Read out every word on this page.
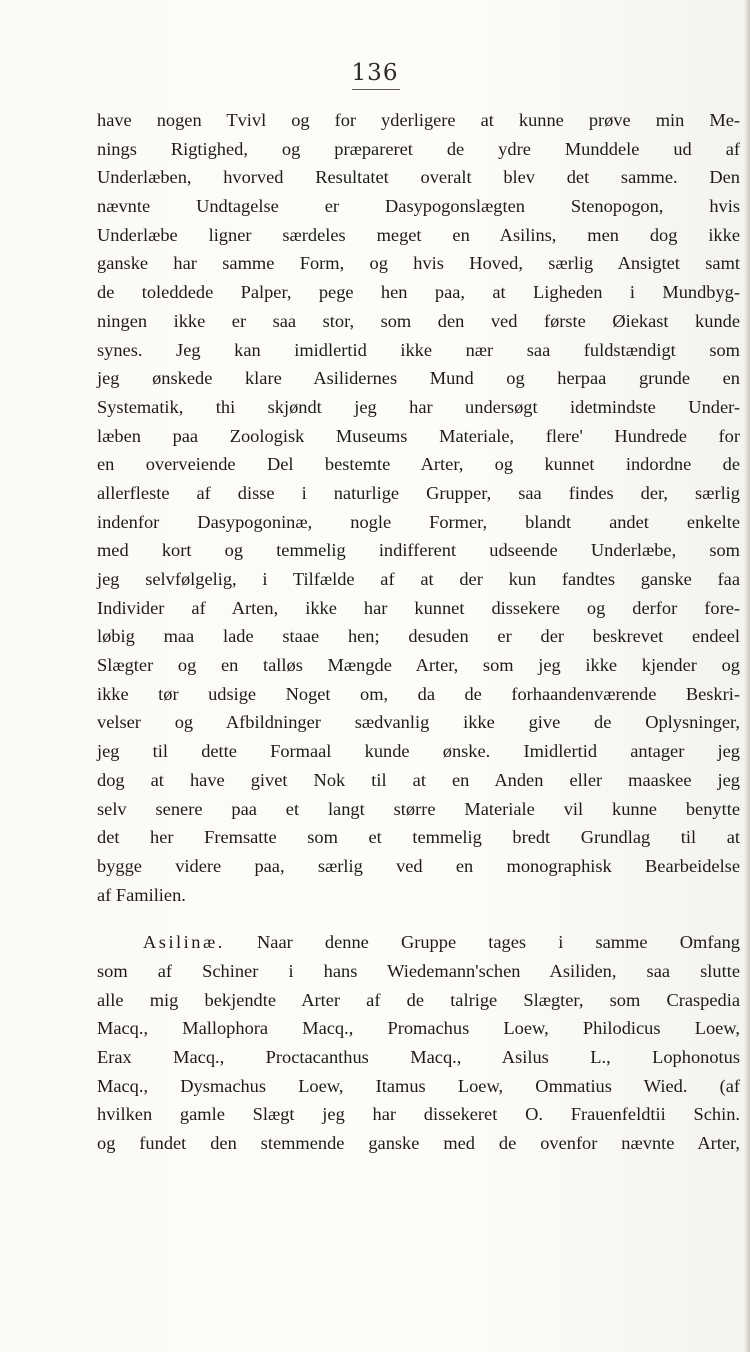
136
have nogen Tvivl og for yderligere at kunne prøve min Me-
nings Rigtighed, og præpareret de ydre Munddele ud af
Underlæben, hvorved Resultatet overalt blev det samme. Den
nævnte Undtagelse er Dasypogonslægten Stenopogon, hvis
Underlæbe ligner særdeles meget en Asilins, men dog ikke
ganske har samme Form, og hvis Hoved, særlig Ansigtet samt
de toleddede Palper, pege hen paa, at Ligheden i Mundbyg-
ningen ikke er saa stor, som den ved første Øiekast kunde
synes. Jeg kan imidlertid ikke nær saa fuldstændigt som
jeg ønskede klare Asilidernes Mund og herpaa grunde en
Systematik, thi skjøndt jeg har undersøgt idetmindste Under-
læben paa Zoologisk Museums Materiale, flere' Hundrede for
en overveiende Del bestemte Arter, og kunnet indordne de
allerfleste af disse i naturlige Grupper, saa findes der, særlig
indenfor Dasypogoninæ, nogle Former, blandt andet enkelte
med kort og temmelig indifferent udseende Underlæbe, som
jeg selvfølgelig, i Tilfælde af at der kun fandtes ganske faa
Individer af Arten, ikke har kunnet dissekere og derfor fore-
løbig maa lade staae hen; desuden er der beskrevet endeel
Slægter og en talløs Mængde Arter, som jeg ikke kjender og
ikke tør udsige Noget om, da de forhaandenværende Beskri-
velser og Afbildninger sædvanlig ikke give de Oplysninger,
jeg til dette Formaal kunde ønske. Imidlertid antager jeg
dog at have givet Nok til at en Anden eller maaskee jeg
selv senere paa et langt større Materiale vil kunne benytte
det her Fremsatte som et temmelig bredt Grundlag til at
bygge videre paa, særlig ved en monographisk Bearbeidelse
af Familien.
Asilinæ. Naar denne Gruppe tages i samme Omfang
som af Schiner i hans Wiedemann'schen Asiliden, saa slutte
alle mig bekjendte Arter af de talrige Slægter, som Craspedia
Macq., Mallophora Macq., Promachus Loew, Philodicus Loew,
Erax Macq., Proctacanthus Macq., Asilus L., Lophonotus
Macq., Dysmachus Loew, Itamus Loew, Ommatius Wied. (af
hvilken gamle Slægt jeg har dissekeret O. Frauenfeldtii Schin.
og fundet den stemmende ganske med de ovenfor nævnte Arter,
